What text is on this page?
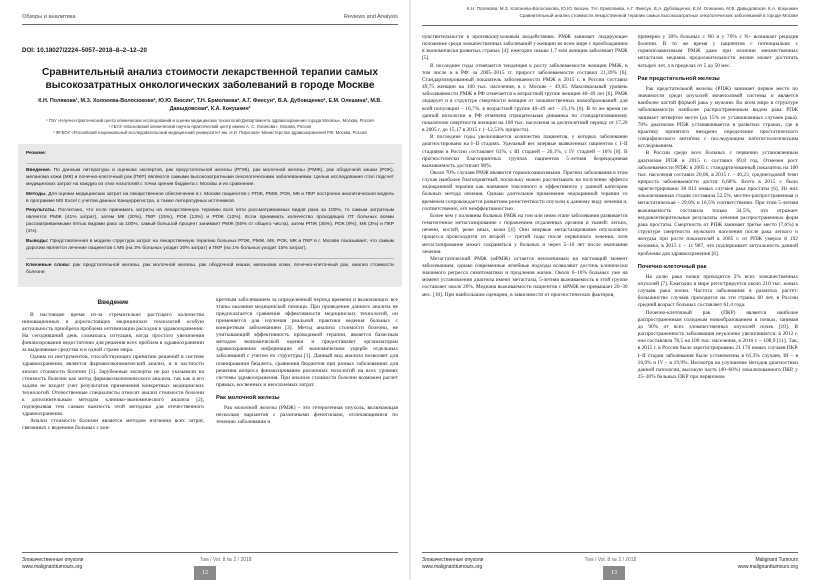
Обзоры и аналитика	Reviews and Analysis
DOI: 10.18027/2224–5057–2018–8–2–12–20
Сравнительный анализ стоимости лекарственной терапии самых высокозатратных онкологических заболеваний в городе Москве
К.Н. Полякова¹, М.З. Холоеева-Волосюкова², Ю.Ю. Бюсин², Т.Н. Ермолаева², А.Г. Фиесун², В.А. Дубовщенко², Е.М. Олешина², М.В. Давыдовская², К.А. Кокушкин²
¹ ГБУ «Научно-практический центр клинических исследований и оценки медицинских технологий Департамента здравоохранения города Москвы», Москва, Россия
² ГБУЗ «Московский клинический научно-практический центр имени А. С. Логинова», Москва, Россия
³ ФГБОУ «Российский национальный исследовательский медицинский университет им. Н.И. Пирогова» Министерства здравоохранения РФ, Москва, Россия

Резюме:

Введение. По данным литературы и оценкам экспертов, рак предстательной железы (РПЖ), рак молочной железы (РМЖ), рак ободочной кишки (РОК), меланома кожи (МК) и почечно-клеточный рак (ПКР) являются самыми высокозатратными онкологическими заболеваниями. Целью исследования стал подсчет медицинских затрат на каждую из этих нозологий с точки зрения бюджета г. Москвы и их сравнение.

Методы. Для оценки медицинских затрат на лекарственное обеспечение в г. Москве пациентов с РПЖ, РМЖ, РОК, МК и ПКР построена аналитическая модель в программе MS Excel с учетом данных Канцеррегистра, а также литературных источников.

Результаты. Посчитано, что если принимать затраты на лекарственную терапию всех пяти рассматриваемых видов рака за 100%, то самым затратным является РМЖ (41% затрат), затем МК (20%), ПКР (15%), РОК (13%) и РПЖ (12%). Если принимать количество проходящих ЛТ больных всеми рассматриваемыми пятью видами рака за 100%, самый большой процент занимает РМЖ (50% от общего числа), затем РПЖ (36%), РОК (9%), МК (3%) и ПКР (1%).

Выводы: Представленная в модели структура затрат на лекарственную терапию больных РПЖ, РМЖ, МК, РОК, МК и ПКР в г. Москве показывает, что самым дорогим является лечение пациентов с МК (на 3% больных уходит 20% затрат) и ПКР (на 1% больных уходит 15% затрат).

Ключевые слова: рак предстательной железы, рак молочной железы, рак ободочной кишки, меланома кожи, почечно-клеточный рак, анализ стоимости болезни

Введение

В настоящее время из-за стремительно растущего количества инновационных и дорогостоящих медицинских технологий особую актуальность приобрела проблема оптимизации расходов в здравоохранении. На сегодняшний день сложилась ситуация, когда простого увеличения финансирования недостаточно для решения всех проблем в здравоохранении за выделяемые средства и в одной стране мира.

Одним из инструментов, способствующих принятию решений в системе здравоохранения, является фармакоэкономический анализ, и в частности анализ стоимости болезни [1]. Зарубежные эксперты не раз указывали на стоимость болезни как метод фармакоэкономического анализа, так как в его задачи не входит учет результатов применения конкретных медицинских технологий. Отечественные специалисты относят анализ стоимости болезни к дополнительным методам клинико-экономического анализа [2], подчеркивая тем самым важность этой методики для отечественного здравоохранения.

Анализ стоимости болезни является методом изучения всех затрат, связанных с ведением больных с кон-

кретным заболеванием за определенный период времени и включающих все этапы оказания медицинской помощи. При проведении данного анализа не предполагается сравнение эффективности медицинских технологий, он применяется для изучения реальной практики ведения больных с конкретным заболеванием [3]. Метод анализа стоимости болезни, не учитывающий эффективность проводимой терапии, является базисным методом экономической оценки и предоставляет организаторам здравоохранения информацию об экономическом ущербе отдельных заболеваний с учетом их структуры [1]. Данный вид анализа позволяет для планирования бюджета, сравнения бюджетов при разных заболеваниях для решения вопроса финансирования различных нозологий на всех уровнях системы здравоохранения. При анализе стоимости болезни возможен расчет прямых, косвенных и неосязаемых затрат.

Рак молочной железы

Рак молочной железы (РМЖ) – это гетерогенная опухоль, включающая несколько вариантов с различными фенотипами, отличающимися по течению заболевания и

Злокачественные опухоли
www.malignanttumours.org
Том / Vol. 8 № 2 / 2018
12
К.Н. Полякова, М.З. Холоеева-Волосюкова, Ю.Ю. Бюсин, Т.Н. Ермолаева, А.Г. Фиесун, В.А. Дубовщенко, Е.М. Олешина, М.В. Давыдовская, К.А. Кокушкин
Сравнительный анализ стоимости лекарственной терапии самых высокозатратных онкологических заболеваний в городе Москве

чувствительности к противоопухолевым воздействиям. РМЖ занимает лидирующее положение среди злокачественных заболеваний у женщин во всем мире с преобладанием в экономически развитых странах [4]: ежегодно свыше 1,7 млн женщин заболевает РМЖ [5].

В последние годы отмечается тенденция к росту заболеваемости женщин РМЖ, в том числе и в РФ: за 2005–2015 гг. прирост заболеваемости составил 21,39% [6]. Стандартизированный показатель заболеваемости РМЖ в 2015 г. в России составил 49,75 женщин на 100 тыс. населения, в г. Москве – 49,65. Максимальный уровень заболеваемости РМЖ в РФ отмечается в возрастной группе женщин 40–49 лет [6]. РМЖ лидирует и в структуре смертности женщин от злокачественных новообразований: для всей популяции – 16,7%, в возрастной группе 40–49 лет – 23,1% [6]. В то же время по данной нозологии в РФ отмечена отрицательная динамика по стандартизованному показателю смертности женщин на 100 тыс. населения за десятилетний период: от 17,26 в 2005 г. до 15,17 в 2015 г. (–12,53% прироста).

В последние годы увеличивается количество пациентов, у которых заболевание диагностировано на I–II стадиях. Удельный вес впервые выявленных пациентов с I–II стадиями в России составляет 63%, с III стадией – 26,1%, с IV стадией – 10% [8]. В прогностически благоприятных группах пациентов 5-летняя безрецидивная выживаемость достигает 98%.

Около 70% случаев РМЖ являются гормонозависимыми. Прогноз заболевания в этом случае наиболее благоприятный, поскольку можно рассчитывать на получение эффекта эндокринной терапии как наименее токсичного и эффективного у данной категории больных метода лечения. Однако длительное применение эндокринной терапии со временем сопровождается развитием резистентности опухоли к данному виду лечения и, соответственно, его неэффективностью.

Более чем у половины больных РМЖ на том или ином этапе заболевания развивается гематогенное метастазирование с поражением отдаленных органов и тканей: легких, печени, костей, реже иных, кожи [4]. Они впервые метастазирования опухолевого процесса происходятся из второй – третий годы после первичного лечения, хотя метастазирование может сохраняться у больных и через 5–10 лет после окончания лечения.

Метастатический РМЖ (мРМЖ) остается неизлечимым на настоящий момент заболеванием, однако современные лечебные подходы позволяют достичь клинически значимого регресса симптоматики и продления жизни. Около 6–10% больных уже на момент установления диагноза имеют метастазы, 5-летняя выживаемость в этой группе составляет около 20%. Медиана выживаемости пациентов с мРМЖ не превышает 20–30 мес. [10]. При наибольшим сценарии, в зависимости от прогностических факторов,

примерно у 30% больных с N0 и у 70% с N+ возникает рецидив болезни. В то же время у пациентов с потенциально с гормонозависимым РМЖ даже при наличии множественных метастазов медиана продолжительности жизни может достигать четырех лет, а в пределах от 5 до 50 мес.

Рак предстательной железы

Рак предстательной железы (РПЖ) занимает первое место по значимости среди опухолей мочеполовой системы и является наиболее частой формой рака у мужчин. Во всем мире в структуре заболеваемости наиболее распространенным видом рака РПЖ занимает четвертое место (до 15% от установленных случаев рака). 70% диагнозов РПЖ устанавливается в развитых странах, где в практику принятого внедрено определение простатического специфического антигена с последующим патогистологическим исследованием.

В России среди всех больных с первично установленным диагнозом РПЖ в 2015 г. составил 69,8 год. Отмечен рост заболеваемости РПЖ: в 2005 г. стандартизованный показатель на 100 тыс. населения составил 20,06, в 2015 г. – 40,23, среднегодовой темп прироста заболеваемости достиг 6,68%. Всего в 2015 г. было зарегистрировано 38 812 новых случаев рака простаты [6]. Из них локализованная стадия составила 52,5%, местно-распространенная и метастатическая – 29,0% и 16,5% соответственно. При этом 5-летняя выживаемость составила только 34,5%, что отражает неудовлетворительные результаты лечения распространенных форм рака простаты. Смертность от РПЖ занимает третье место (7,6%) в структуре смертности мужского населения после рака легкого и желудка при росте показателей в 2005 г. от РПЖ умерло 8 192 человека, в 2015 г. – 11 987, что подчеркивает актуальность данной проблемы для здравоохранения [6].

Почечно-клеточный рак

На долю рака почки приходится 2% всех злокачественных опухолей [7]. Ежегодно в мире регистрируется около 210 тыс. новых случаев рака почки. Частота заболевания в развитых растет: большинство случаев приходится на эти страны 60 лет, в России средний возраст больных составляет 61,4 года.

Почечно-клеточный рак (ПКР) является наиболее распространенным солидным новообразованием в почках, занимая до 90% от всех злокачественных опухолей почек [10]. В распространенность заболевания неуклонно увеличивается: в 2012 г. она составляла 78,5 на 100 тыс. населения, в 2016 г. – 108,9 [11]. Так, в 2015 г. в России было зарегистрировано 21 170 новых случаев ПКР. I–II стадии заболевания были установлены в 61,3% случаев, III – в 16,9% и IV – в 19,9%. Несмотря на улучшение методов диагностики данной патологии, высокую часть (40–60%) локализованного ПКР, у 25–30% больных ПКР при первичном

Злокачественные опухоли
www.malignanttumours.org
Том / Vol. 8 № 2 / 2018	Malignant Tumours
www.malignanttumours.org
13
